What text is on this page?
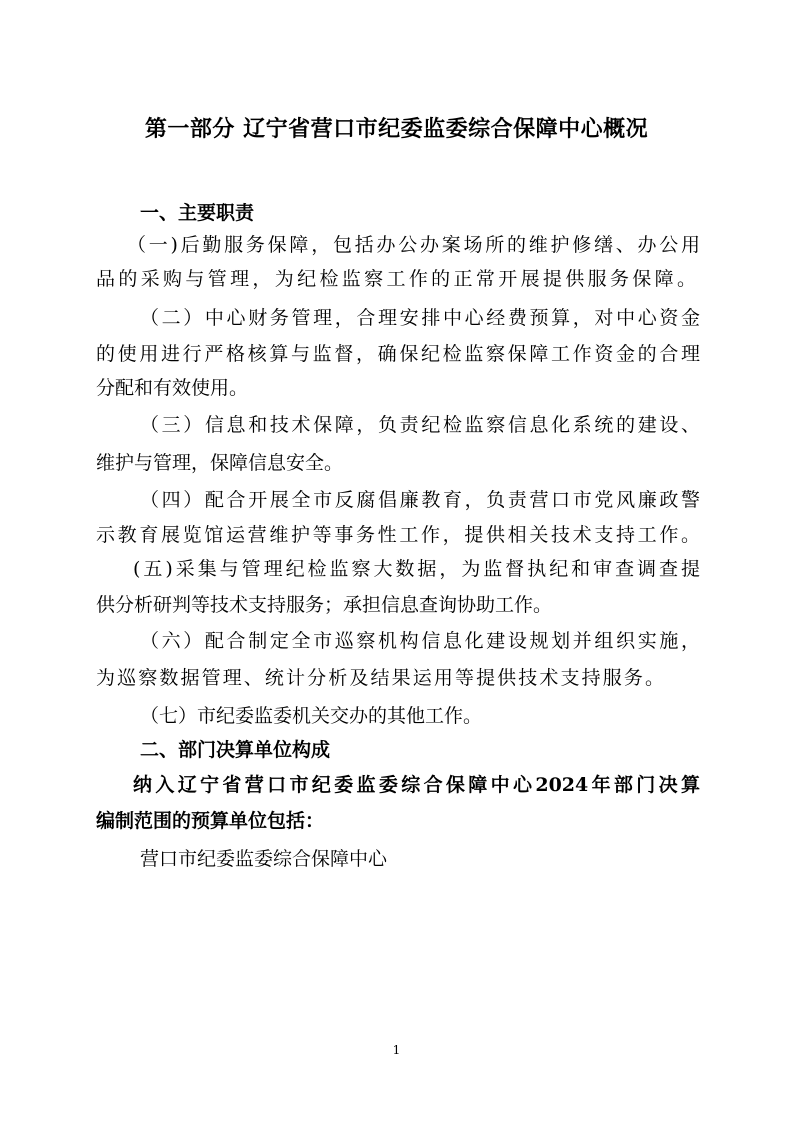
第一部分 辽宁省营口市纪委监委综合保障中心概况
一、主要职责
（一)后勤服务保障，包括办公办案场所的维护修缮、办公用
品的采购与管理，为纪检监察工作的正常开展提供服务保障。
（二）中心财务管理，合理安排中心经费预算，对中心资金
的使用进行严格核算与监督，确保纪检监察保障工作资金的合理
分配和有效使用。
（三）信息和技术保障，负责纪检监察信息化系统的建设、
维护与管理，保障信息安全。
（四）配合开展全市反腐倡廉教育，负责营口市党风廉政警
示教育展览馆运营维护等事务性工作，提供相关技术支持工作。
(五)采集与管理纪检监察大数据，为监督执纪和审查调查提
供分析研判等技术支持服务；承担信息查询协助工作。
（六）配合制定全市巡察机构信息化建设规划并组织实施，
为巡察数据管理、统计分析及结果运用等提供技术支持服务。
（七）市纪委监委机关交办的其他工作。
二、部门决算单位构成
纳入辽宁省营口市纪委监委综合保障中心2024年部门决算
编制范围的预算单位包括：
营口市纪委监委综合保障中心
1
